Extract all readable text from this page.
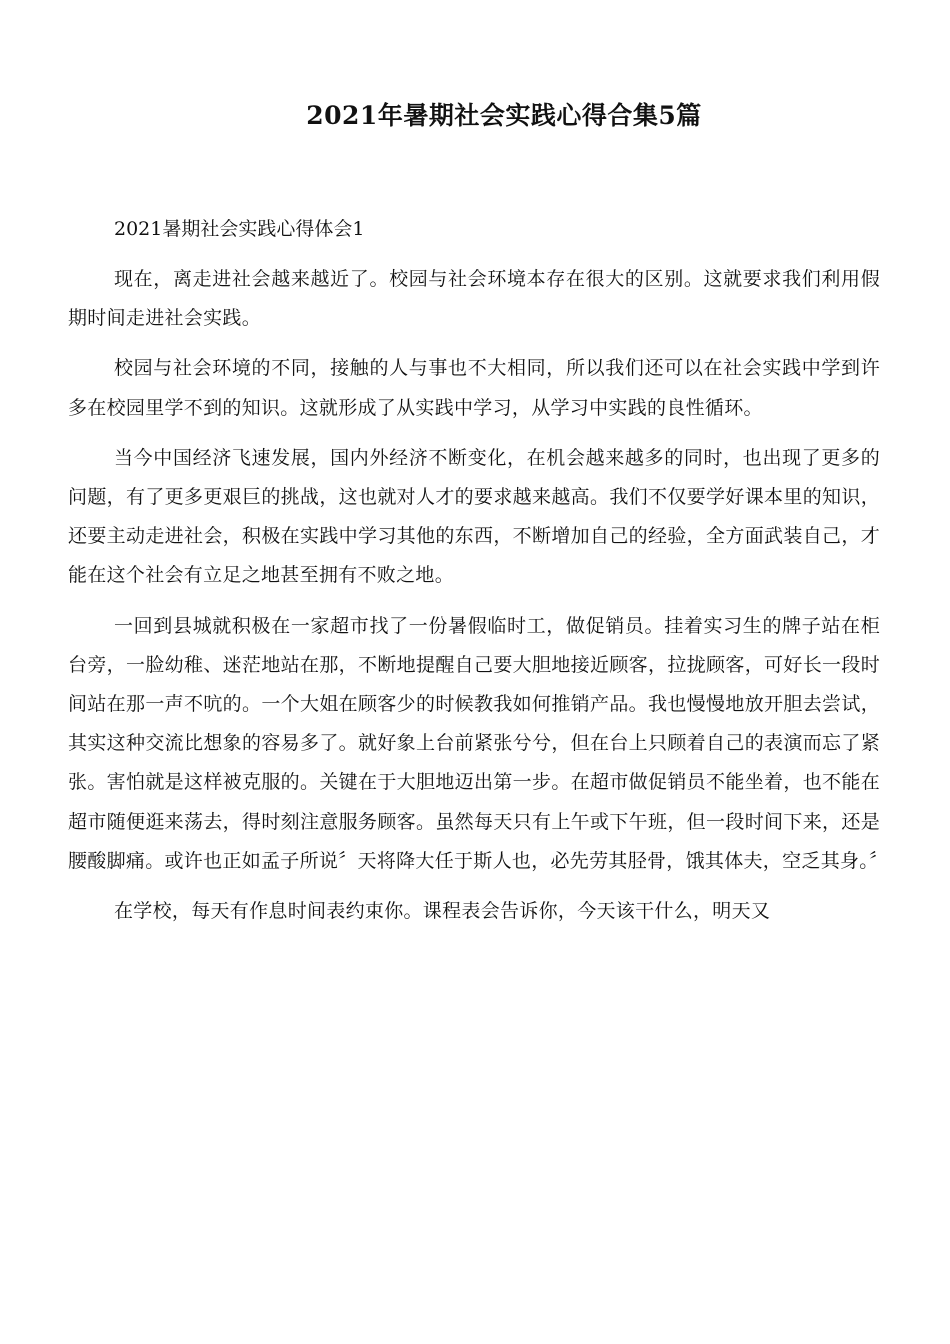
2021年暑期社会实践心得合集5篇

2021暑期社会实践心得体会1

现在，离走进社会越来越近了。校园与社会环境本存在很大的区别。这就要求我们利用假期时间走进社会实践。

校园与社会环境的不同，接触的人与事也不大相同，所以我们还可以在社会实践中学到许多在校园里学不到的知识。这就形成了从实践中学习，从学习中实践的良性循环。

当今中国经济飞速发展，国内外经济不断变化，在机会越来越多的同时，也出现了更多的问题，有了更多更艰巨的挑战，这也就对人才的要求越来越高。我们不仅要学好课本里的知识，还要主动走进社会，积极在实践中学习其他的东西，不断增加自己的经验，全方面武装自己，才能在这个社会有立足之地甚至拥有不败之地。

一回到县城就积极在一家超市找了一份暑假临时工，做促销员。挂着实习生的牌子站在柜台旁，一脸幼稚、迷茫地站在那，不断地提醒自己要大胆地接近顾客，拉拢顾客，可好长一段时间站在那一声不吭的。一个大姐在顾客少的时候教我如何推销产品。我也慢慢地放开胆去尝试，其实这种交流比想象的容易多了。就好象上台前紧张兮兮，但在台上只顾着自己的表演而忘了紧张。害怕就是这样被克服的。关键在于大胆地迈出第一步。在超市做促销员不能坐着，也不能在超市随便逛来荡去，得时刻注意服务顾客。虽然每天只有上午或下午班，但一段时间下来，还是腰酸脚痛。或许也正如孟子所说〞天将降大任于斯人也，必先劳其胫骨，饿其体夫，空乏其身。〞

在学校，每天有作息时间表约束你。课程表会告诉你，今天该干什么，明天又
